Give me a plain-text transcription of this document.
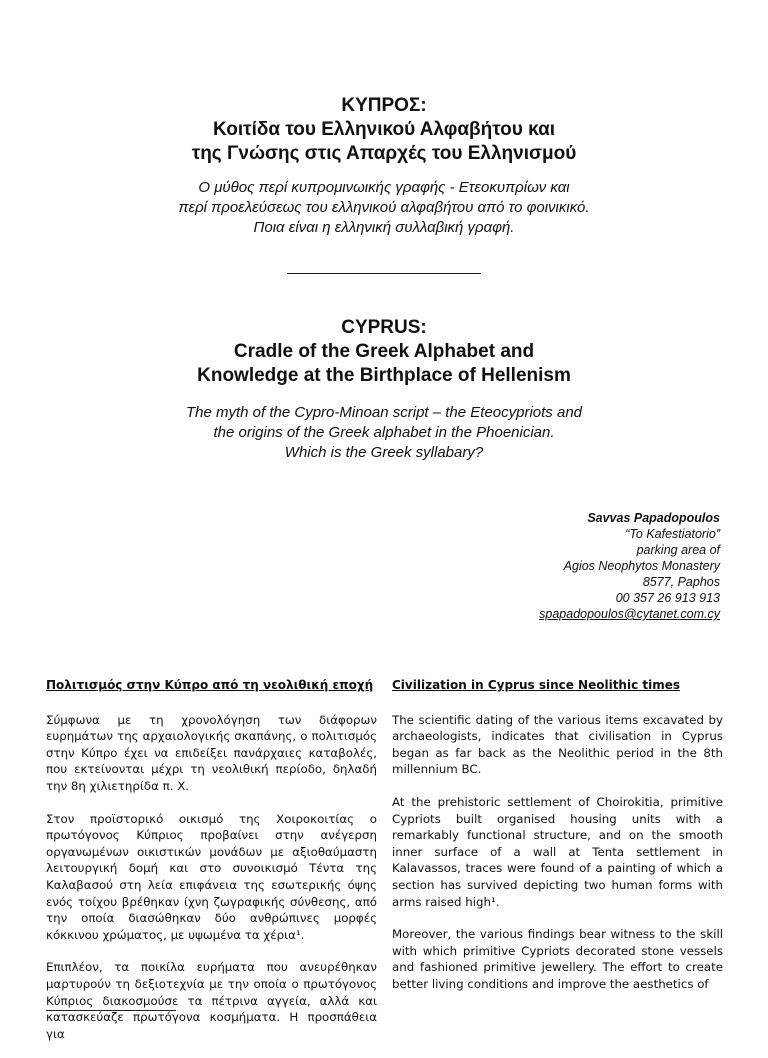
ΚΥΠΡΟΣ:
Κοιτίδα του Ελληνικού Αλφαβήτου και
της Γνώσης στις Απαρχές του Ελληνισμού
Ο μύθος περί κυπρομινωικής γραφής - Ετεοκυπρίων και
περί προελεύσεως του ελληνικού αλφαβήτου από το φοινικικό.
Ποια είναι η ελληνική συλλαβική γραφή.
CYPRUS:
Cradle of the Greek Alphabet and
Knowledge at the Birthplace of Hellenism
The myth of the Cypro-Minoan script – the Eteocypriots and
the origins of the Greek alphabet in the Phoenician.
Which is the Greek syllabary?
Savvas Papadopoulos
“To Kafestiatorio”
parking area of
Agios Neophytos Monastery
8577, Paphos
00 357 26 913 913
spapadopoulos@cytanet.com.cy
Πολιτισμός στην Κύπρο από τη νεολιθική εποχή

Σύμφωνα με τη χρονολόγηση των διάφορων ευρημάτων της αρχαιολογικής σκαπάνης, ο πολιτισμός στην Κύπρο έχει να επιδείξει πανάρχαιες καταβολές, που εκτείνονται μέχρι τη νεολιθική περίοδο, δηλαδή την 8η χιλιετηρίδα π. Χ.

Στον προϊστορικό οικισμό της Χοιροκοιτίας ο πρωτόγονος Κύπριος προβαίνει στην ανέγερση οργανωμένων οικιστικών μονάδων με αξιοθαύμαστη λειτουργική δομή και στο συνοικισμό Τέντα της Καλαβασού στη λεία επιφάνεια της εσωτερικής όψης ενός τοίχου βρέθηκαν ίχνη ζωγραφικής σύνθεσης, από την οποία διασώθηκαν δύο ανθρώπινες μορφές κόκκινου χρώματος, με υψωμένα τα χέρια¹.

Επιπλέον, τα ποικίλα ευρήματα που ανευρέθηκαν μαρτυρούν τη δεξιοτεχνία με την οποία ο πρωτόγονος Κύπριος διακοσμούσε τα πέτρινα αγγεία, αλλά και κατασκεύαζε πρωτόγονα κοσμήματα. Η προσπάθεια για

Civilization in Cyprus since Neolithic times

The scientific dating of the various items excavated by archaeologists, indicates that civilisation in Cyprus began as far back as the Neolithic period in the 8th millennium BC.

At the prehistoric settlement of Choirokitia, primitive Cypriots built organised housing units with a remarkably functional structure, and on the smooth inner surface of a wall at Tenta settlement in Kalavassos, traces were found of a painting of which a section has survived depicting two human forms with arms raised high¹.

Moreover, the various findings bear witness to the skill with which primitive Cypriots decorated stone vessels and fashioned primitive jewellery. The effort to create better living conditions and improve the aesthetics of
